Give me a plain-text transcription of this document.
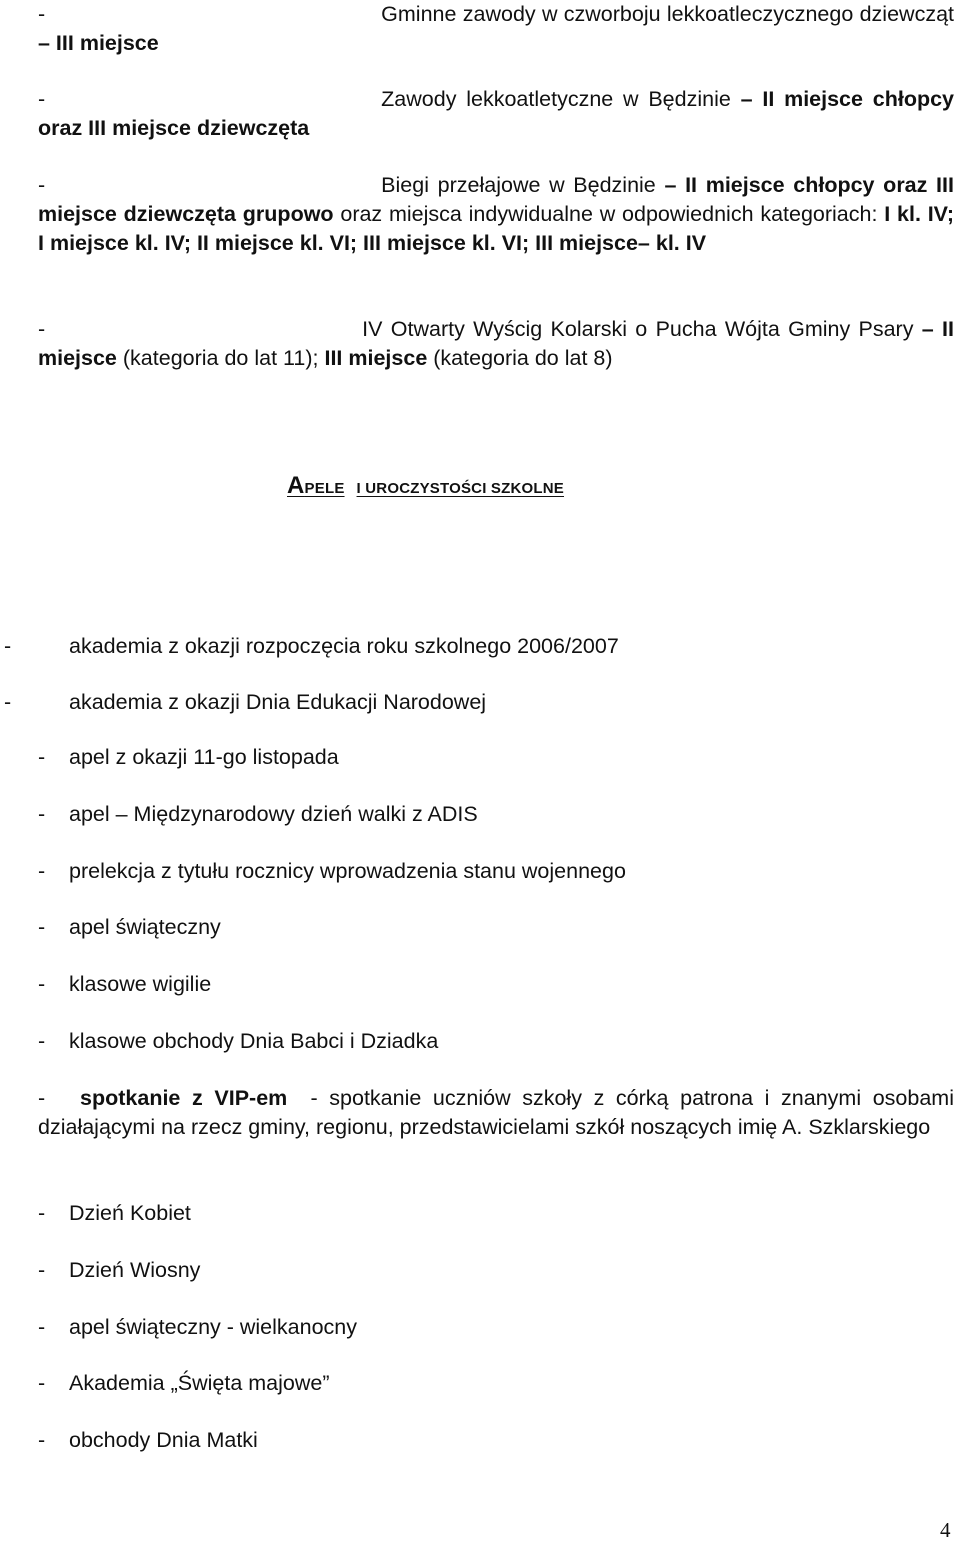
-	Gminne zawody w czworboju lekkoatleczycznego dziewcząt – III miejsce
-	Zawody lekkoatletyczne w Będzinie – II miejsce chłopcy oraz III miejsce dziewczęta
-	Biegi przełajowe w Będzinie – II miejsce chłopcy oraz III miejsce dziewczęta grupowo oraz miejsca indywidualne w odpowiednich kategoriach: I kl. IV; I miejsce kl. IV; II miejsce kl. VI; III miejsce kl. VI; III miejsce– kl. IV
-	IV Otwarty Wyścig Kolarski o Pucha Wójta Gminy Psary – II miejsce (kategoria do lat 11); III miejsce (kategoria do lat 8)
APELE I UROCZYSTOŚCI SZKOLNE
-	akademia z okazji rozpoczęcia roku szkolnego 2006/2007
-	akademia z okazji Dnia Edukacji Narodowej
- apel z okazji 11-go listopada
- apel – Międzynarodowy dzień walki z ADIS
- prelekcja z tytułu rocznicy wprowadzenia stanu wojennego
- apel świąteczny
- klasowe wigilie
- klasowe obchody Dnia Babci i Dziadka
- spotkanie z VIP-em - spotkanie uczniów szkoły z córką patrona i znanymi osobami działającymi na rzecz gminy, regionu, przedstawicielami szkół noszących imię A. Szklarskiego
- Dzień Kobiet
- Dzień Wiosny
- apel świąteczny - wielkanocny
- Akademia „Święta majowe”
- obchody Dnia Matki
4
